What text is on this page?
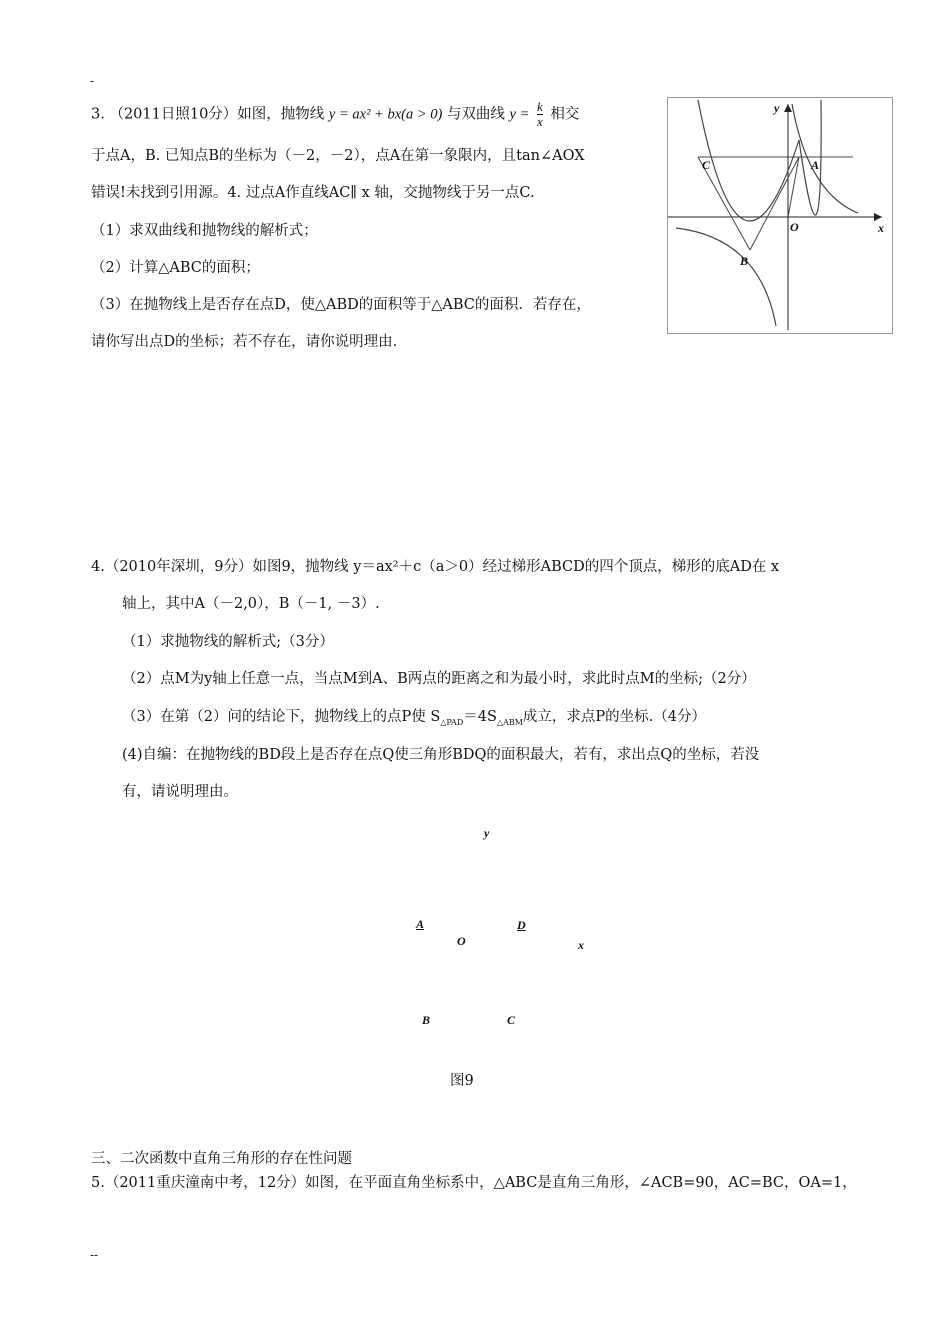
-
3. （2011日照10分）如图，抛物线 y = ax² + bx(a > 0) 与双曲线 $y = \frac{k}{x}$ 相交
于点A，B. 已知点B的坐标为（－2，－2），点A在第一象限内，且tan∠AOX
错误!未找到引用源。4. 过点A作直线AC∥ x 轴，交抛物线于另一点C.
（1）求双曲线和抛物线的解析式；
（2）计算△ABC的面积；
（3）在抛物线上是否存在点D，使△ABD的面积等于△ABC的面积．若存在，
请你写出点D的坐标；若不存在，请你说明理由.
y
x
C	A
O
B
4.（2010年深圳，9分）如图9，抛物线 y＝ax²＋c（a＞0）经过梯形ABCD的四个顶点，梯形的底AD在 x
轴上，其中A（－2,0），B（－1, －3）.
（1）求抛物线的解析式;（3分）
（2）点M为y轴上任意一点，当点M到A、B两点的距离之和为最小时，求此时点M的坐标;（2分）
（3）在第（2）问的结论下，抛物线上的点P使 $S_{\triangle PAD}=4S_{\triangle ABM}$成立，求点P的坐标.（4分）
(4)自编：在抛物线的BD段上是否存在点Q使三角形BDQ的面积最大，若有，求出点Q的坐标，若没
有，请说明理由。
y
A	D
O	x
B	C
图9
三、二次函数中直角三角形的存在性问题
5.（2011重庆潼南中考，12分）如图，在平面直角坐标系中，△ABC是直角三角形，∠ACB=90，AC=BC，OA=1，
--
